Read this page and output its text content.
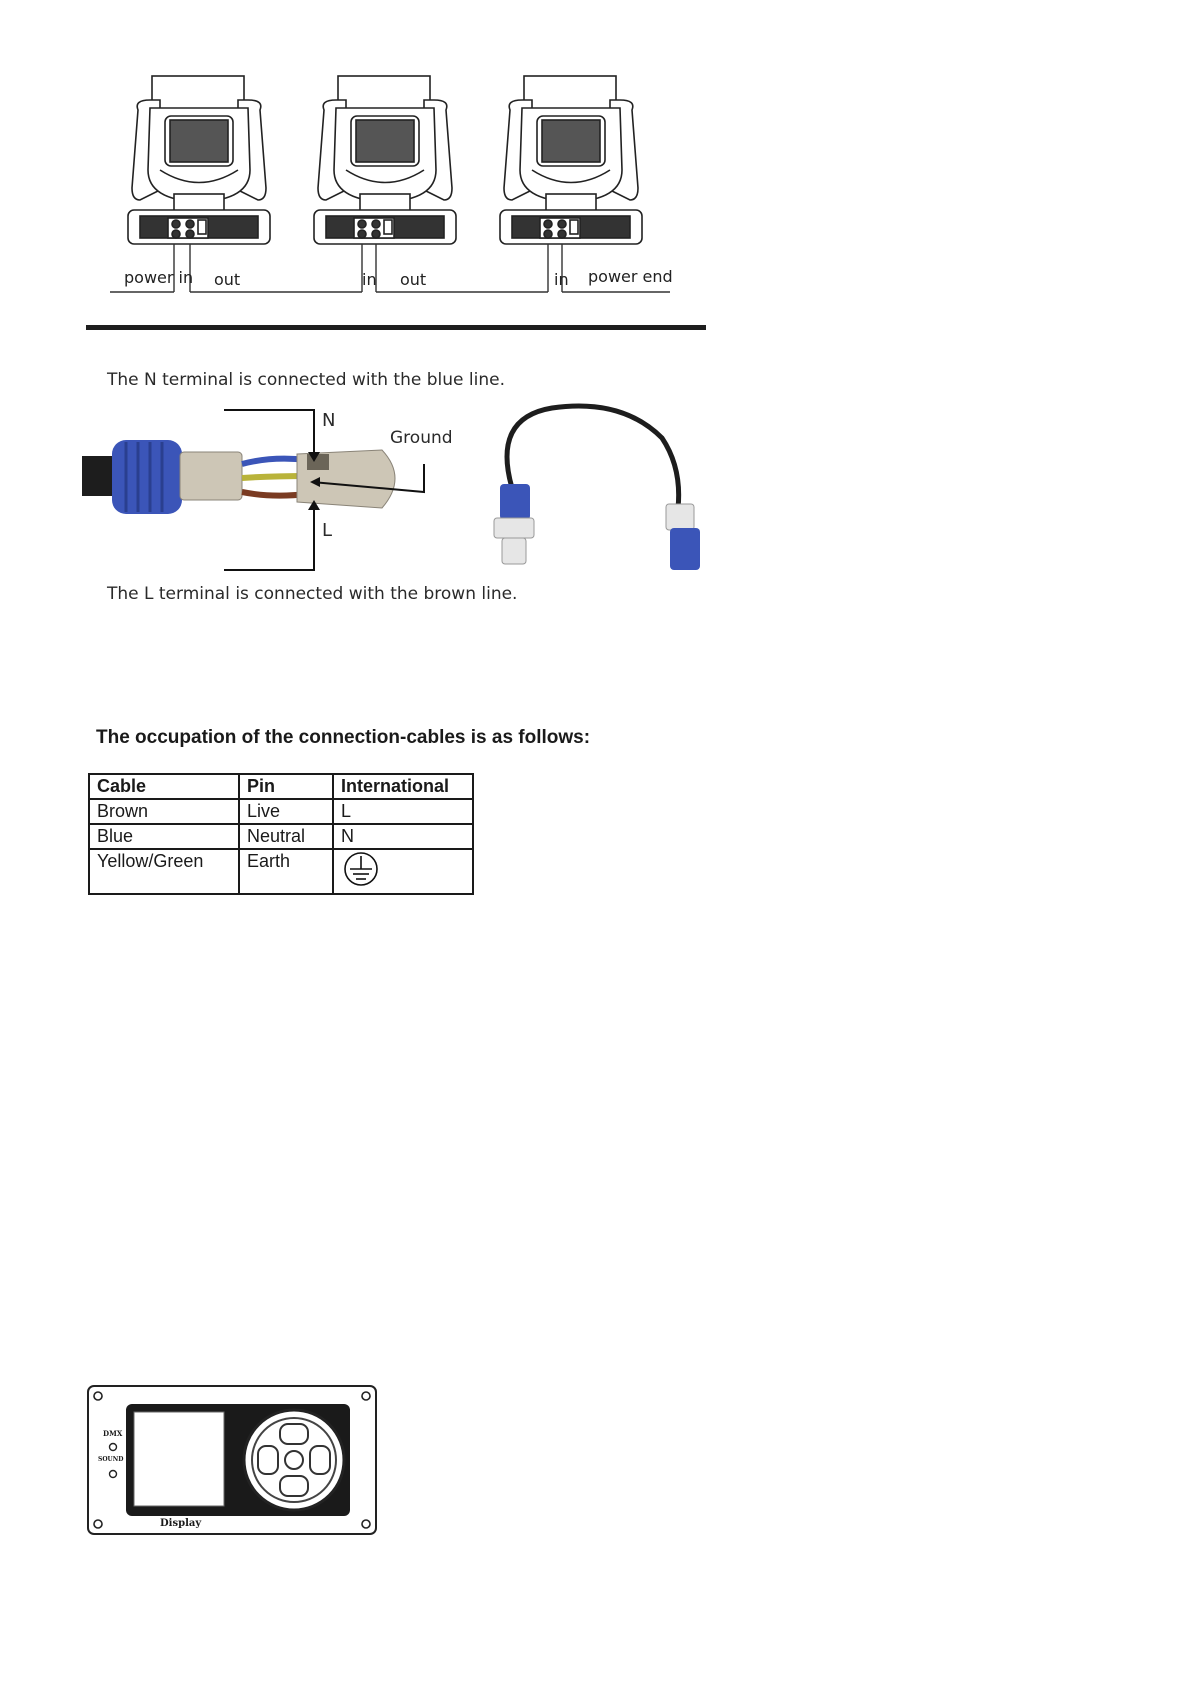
power in out	in out	in power end
The N terminal is connected with the blue line.
N
L
Ground
The L terminal is connected with the brown line.
The occupation of the connection-cables is as follows:
Cable	Pin	International
Brown	Live	L
Blue	Neutral	N
Yellow/Green	Earth	
DMX
SOUND
Display
